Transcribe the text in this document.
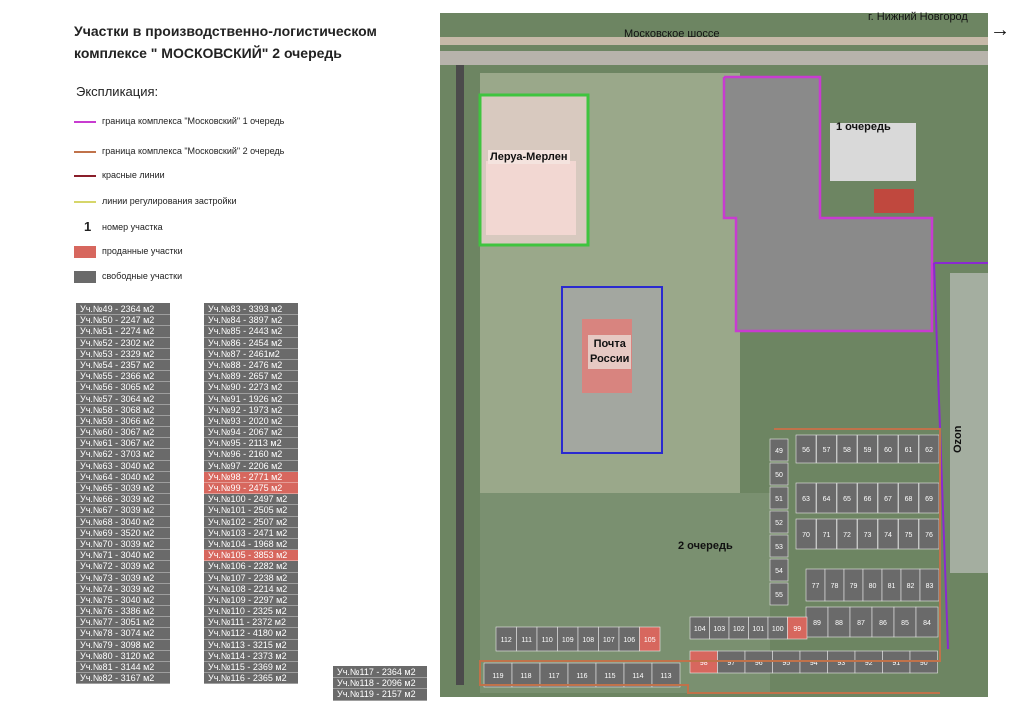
Участки в производственно-логистическом
комплексе " МОСКОВСКИЙ" 2 очередь
Экспликация:
граница комплекса "Московский" 1 очередь
граница комплекса "Московский" 2 очередь
красные линии
линии регулирования застройки
1 номер участка
проданные участки
свободные участки
Уч.№49 - 2364 м2
Уч.№50 - 2247 м2
Уч.№51 - 2274 м2
Уч.№52 - 2302 м2
Уч.№53 - 2329 м2
Уч.№54 - 2357 м2
Уч.№55 - 2366 м2
Уч.№56 - 3065 м2
Уч.№57 - 3064 м2
Уч.№58 - 3068 м2
Уч.№59 - 3066 м2
Уч.№60 - 3067 м2
Уч.№61 - 3067 м2
Уч.№62 - 3703 м2
Уч.№63 - 3040 м2
Уч.№64 - 3040 м2
Уч.№65 - 3039 м2
Уч.№66 - 3039 м2
Уч.№67 - 3039 м2
Уч.№68 - 3040 м2
Уч.№69 - 3520 м2
Уч.№70 - 3039 м2
Уч.№71 - 3040 м2
Уч.№72 - 3039 м2
Уч.№73 - 3039 м2
Уч.№74 - 3039 м2
Уч.№75 - 3040 м2
Уч.№76 - 3386 м2
Уч.№77 - 3051 м2
Уч.№78 - 3074 м2
Уч.№79 - 3098 м2
Уч.№80 - 3120 м2
Уч.№81 - 3144 м2
Уч.№82 - 3167 м2
Уч.№83 - 3393 м2
Уч.№84 - 3897 м2
Уч.№85 - 2443 м2
Уч.№86 - 2454 м2
Уч.№87 - 2461м2
Уч.№88 - 2476 м2
Уч.№89 - 2657 м2
Уч.№90 - 2273 м2
Уч.№91 - 1926 м2
Уч.№92 - 1973 м2
Уч.№93 - 2020 м2
Уч.№94 - 2067 м2
Уч.№95 - 2113 м2
Уч.№96 - 2160 м2
Уч.№97 - 2206 м2
Уч.№98 - 2771 м2
Уч.№99 - 2475 м2
Уч.№100 - 2497 м2
Уч.№101 - 2505 м2
Уч.№102 - 2507 м2
Уч.№103 - 2471 м2
Уч.№104 - 1968 м2
Уч.№105 - 3853 м2
Уч.№106 - 2282 м2
Уч.№107 - 2238 м2
Уч.№108 - 2214 м2
Уч.№109 - 2297 м2
Уч.№110 - 2325 м2
Уч.№111 - 2372 м2
Уч.№112 - 4180 м2
Уч.№113 - 3215 м2
Уч.№114 - 2373 м2
Уч.№115 - 2369 м2
Уч.№116 - 2365 м2
Уч.№117 - 2364 м2
Уч.№118 - 2096 м2
Уч.№119 - 2157 м2
49
50
51
52
53
54
55
56 57 58 59 60 61 62
63 64 65 66 67 68 69
70 71 72 73 74 75 76
77 78 79 80 81 82 83
89 88 87 86 85 84
104 103 102 101 100 99
98	97	96	95	94	93	92	91	90
112 111 110 109 108 107 106 105
119 118 117 116 115 114 113
Леруа-Мерлен
Почта
России
1 очередь
2 очередь
Ozon
Московское шоссе
г. Нижний Новгород
→
